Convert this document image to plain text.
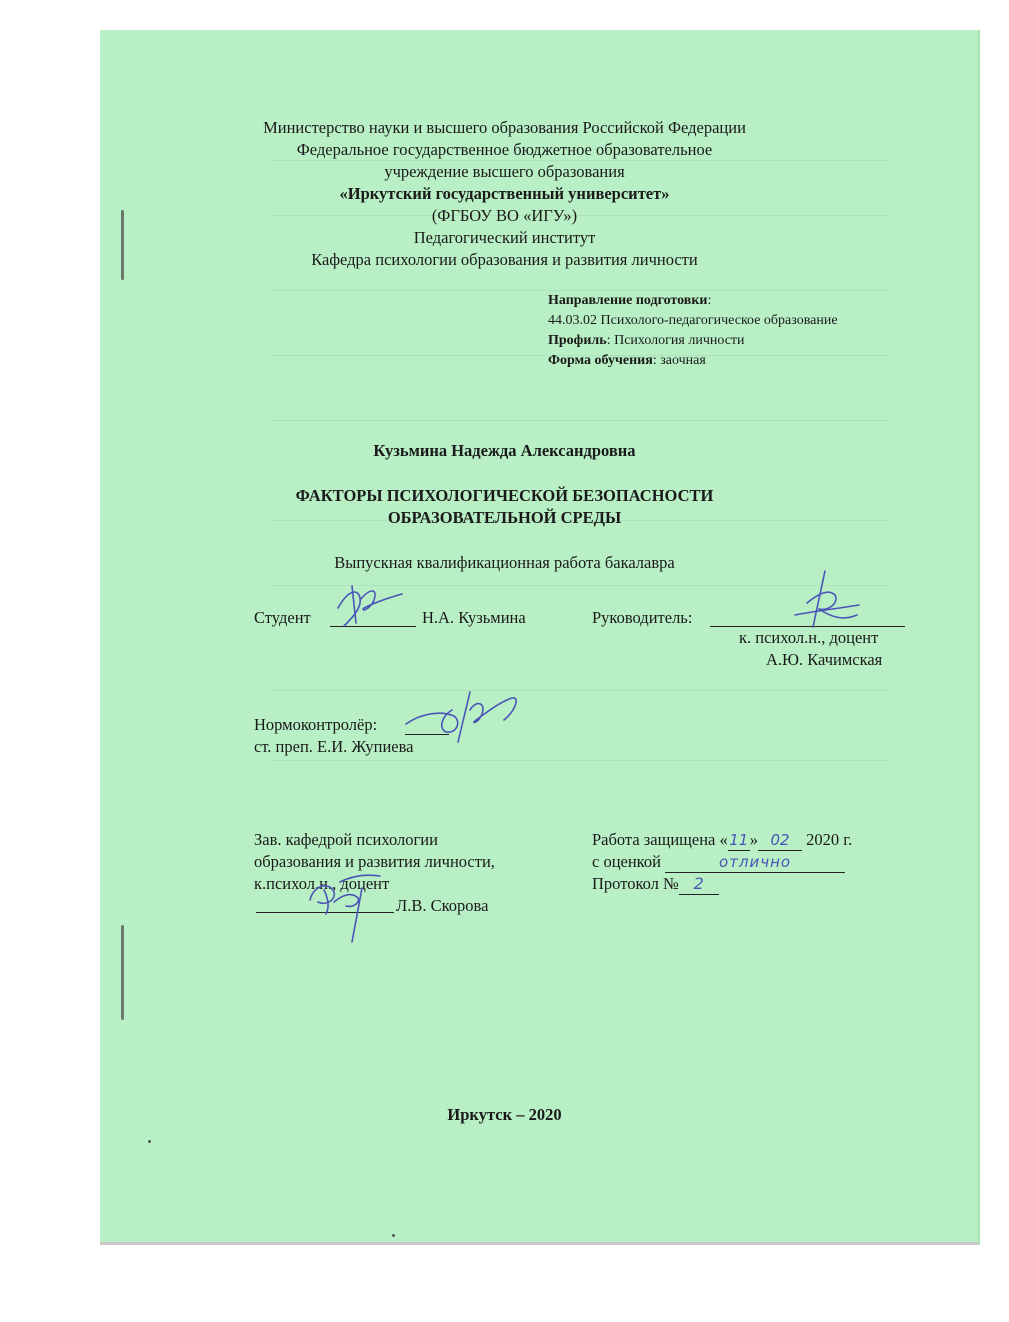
Министерство науки и высшего образования Российской Федерации
Федеральное государственное бюджетное образовательное
учреждение высшего образования
«Иркутский государственный университет»
(ФГБОУ ВО «ИГУ»)
Педагогический институт
Кафедра психологии образования и развития личности
Направление подготовки:
44.03.02 Психолого-педагогическое образование
Профиль: Психология личности
Форма обучения: заочная
Кузьмина Надежда Александровна
ФАКТОРЫ ПСИХОЛОГИЧЕСКОЙ БЕЗОПАСНОСТИ
ОБРАЗОВАТЕЛЬНОЙ СРЕДЫ
Выпускная квалификационная работа бакалавра
Студент	Н.А. Кузьмина	Руководитель:
к. психол.н., доцент
А.Ю. Качимская
Нормоконтролёр:
ст. преп. Е.И. Жупиева
Зав. кафедрой психологии
образования и развития личности,
к.психол.н., доцент
Л.В. Скорова
Работа защищена «11» 02 2020 г.
с оценкой	отлично
Протокол № 2
Иркутск – 2020
